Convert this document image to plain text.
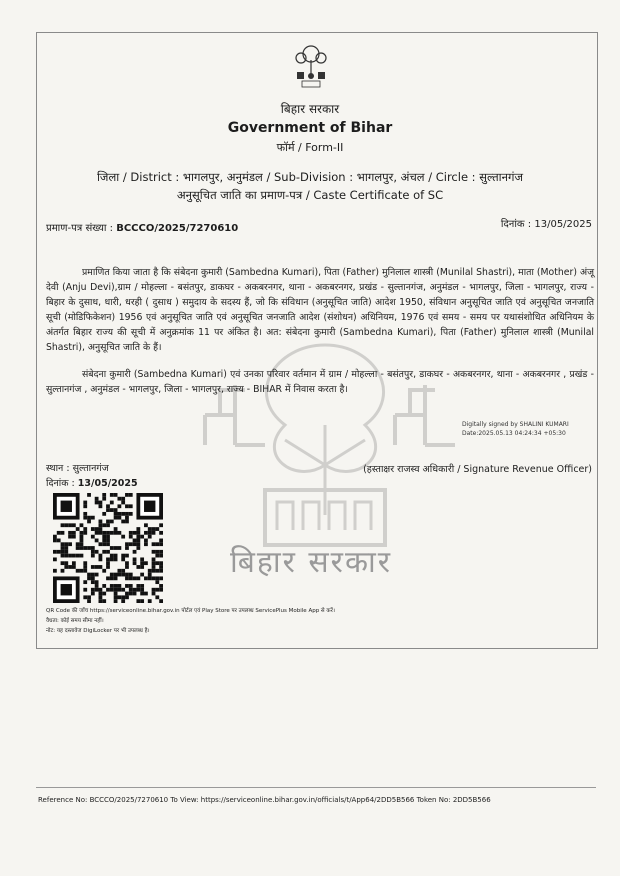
बिहार सरकार
बिहार सरकार
Government of Bihar
फॉर्म / Form-II
जिला / District : भागलपुर, अनुमंडल / Sub-Division : भागलपुर, अंचल / Circle : सुल्तानगंज
अनुसूचित जाति का प्रमाण-पत्र / Caste Certificate of SC
प्रमाण-पत्र संख्या : BCCCO/2025/7270610	दिनांक : 13/05/2025
प्रमाणित किया जाता है कि संबेदना कुमारी (Sambedna Kumari), पिता (Father) मुनिलाल शास्त्री (Munilal Shastri), माता (Mother) अंजू देवी (Anju Devi),ग्राम / मोहल्ला - बसंतपुर, डाकघर - अकबरनगर, थाना - अकबरनगर, प्रखंड - सुल्तानगंज, अनुमंडल - भागलपुर, जिला - भागलपुर, राज्य - बिहार के दुसाध, धारी, धरही ( दुसाध ) समुदाय के सदस्य हैं, जो कि संविधान (अनुसूचित जाति) आदेश 1950, संविधान अनुसूचित जाति एवं अनुसूचित जनजाति सूची (मोडिफिकेशन) 1956 एवं अनुसूचित जाति एवं अनुसूचित जनजाति आदेश (संशोधन) अधिनियम, 1976 एवं समय - समय पर यथासंशोधित अधिनियम के अंतर्गत बिहार राज्य की सूची में अनुक्रमांक 11 पर अंकित है। अत: संबेदना कुमारी (Sambedna Kumari), पिता (Father) मुनिलाल शास्त्री (Munilal Shastri), अनुसूचित जाति के हैं।
संबेदना कुमारी (Sambedna Kumari) एवं उनका परिवार वर्तमान में ग्राम / मोहल्ला - बसंतपुर, डाकघर - अकबरनगर, थाना - अकबरनगर , प्रखंड - सुल्तानगंज , अनुमंडल - भागलपुर, जिला - भागलपुर, राज्य - BIHAR में निवास करता है।
Digitally signed by SHALINI KUMARI
Date:2025.05.13 04:24:34 +05:30
स्थान : सुल्तानगंज
दिनांक : 13/05/2025
(हस्ताक्षर राजस्व अधिकारी / Signature Revenue Officer)
QR Code की जाँच https://serviceonline.bihar.gov.in पोर्टल एवं Play Store पर उपलब्ध ServicePlus Mobile App से करें।
वैधता: कोई समय सीमा नहीं।
नोट: यह दस्तावेज DigiLocker पर भी उपलब्ध है।
Reference No: BCCCO/2025/7270610 To View: https://serviceonline.bihar.gov.in/officials/t/App64/2DD5B566 Token No: 2DD5B566
